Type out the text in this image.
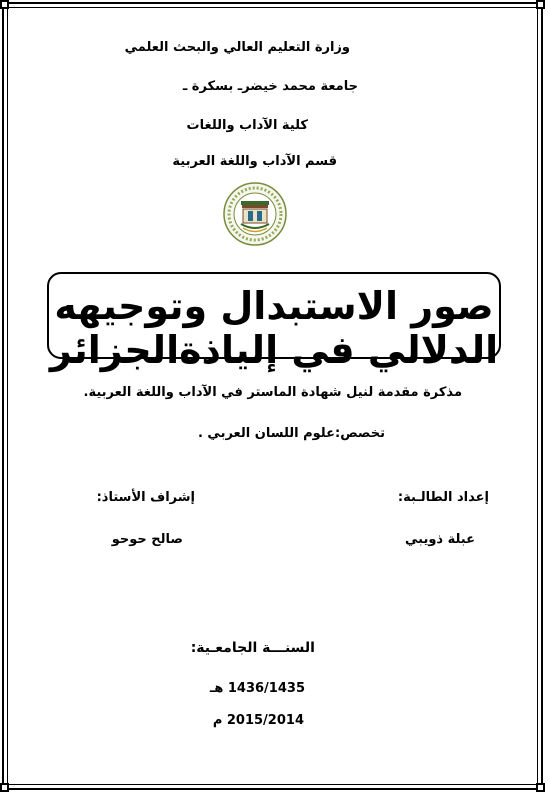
وزارة التعليم العالي والبحث العلمي
جامعة محمد خيضرـ بسكرة ـ
كلية الآداب واللغات
قسم الآداب واللغة العربية
صور الاستبدال وتوجيهه الدلالي في إلياذةالجزائر
مذكرة مقدمة لنيل شهادة الماستر في الآداب واللغة العربية.
تخصص:علوم اللسان العربي .
إعداد الطالـبة:
عبلة ذويبي
إشراف الأستاذ:
صالح حوحو
السنـــة الجامعـية:
1436/1435 هـ
2015/2014 م
